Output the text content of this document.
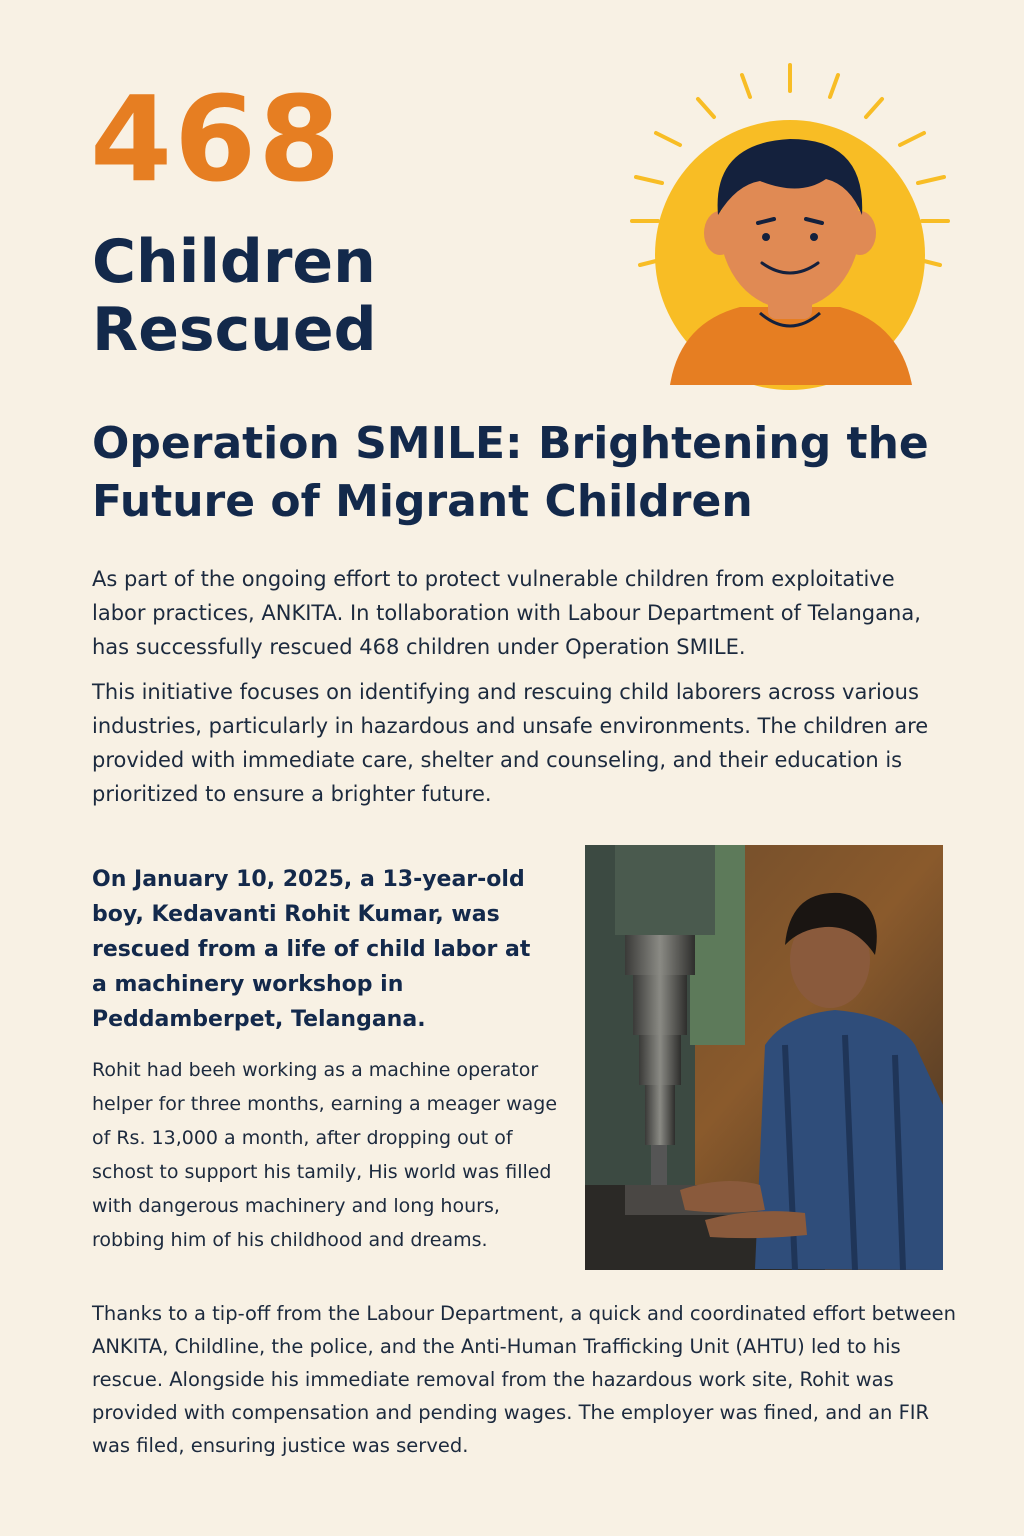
468
Children Rescued
Operation SMILE: Brightening the Future of Migrant Children

As part of the ongoing effort to protect vulnerable children from exploitative labor practices, ANKITA. In tollaboration with Labour Department of Telangana, has successfully rescued 468 children under Operation SMILE.

This initiative focuses on identifying and rescuing child laborers across various industries, particularly in hazardous and unsafe environments. The children are provided with immediate care, shelter and counseling, and their education is prioritized to ensure a brighter future.

On January 10, 2025, a 13-year-old boy, Kedavanti Rohit Kumar, was rescued from a life of child labor at a machinery workshop in Peddamberpet, Telangana.
Rohit had beeh working as a machine operator helper for three months, earning a meager wage of Rs. 13,000 a month, after dropping out of schost to support his tamily, His world was filled with dangerous machinery and long hours, robbing him of his childhood and dreams.

Thanks to a tip-off from the Labour Department, a quick and coordinated effort between ANKITA, Childline, the police, and the Anti-Human Trafficking Unit (AHTU) led to his rescue. Alongside his immediate removal from the hazardous work site, Rohit was provided with compensation and pending wages. The employer was fined, and an FIR was filed, ensuring justice was served.
